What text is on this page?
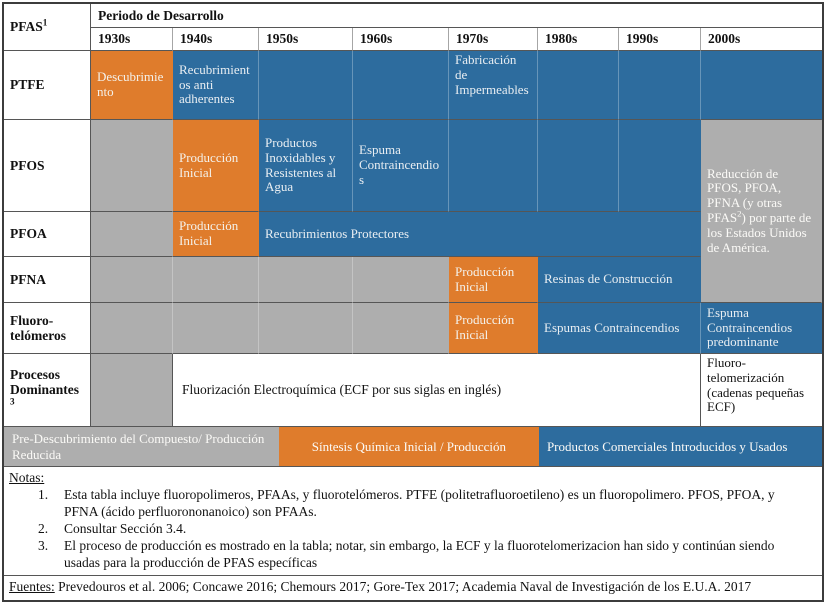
PFAS$^1$	Periodo de Desarrollo							
	1930s	1940s	1950s	1960s	1970s	1980s	1990s	2000s
PTFE	Descubrimiento	Recubrimientos anti adherentes			Fabricación de Impermeables			
PFOS		Producción Inicial	Productos Inoxidables y Resistentes al Agua	Espuma Contraincendios				Reducción de PFOS, PFOA, PFNA (y otras PFAS$^2$) por parte de los Estados Unidos de América.
PFOA		Producción Inicial	Recubrimientos Protectores					
PFNA					Producción Inicial	Resinas de Construcción		
Fluoro-telómeros					Producción Inicial	Espumas Contraincendios		Espuma Contraincendios predominante
Procesos Dominantes$^3$		Fluorización Electroquímica (ECF por sus siglas en inglés)						Fluoro-telomerización (cadenas pequeñas ECF)
Pre-Descubrimiento del Compuesto/ Producción Reducida
Síntesis Química Inicial / Producción	Productos Comerciales Introducidos y Usados
Notas:
1.	Esta tabla incluye fluoropolimeros, PFAAs, y fluorotelómeros. PTFE (politetrafluoroetileno) es un fluoropolimero. PFOS, PFOA, y PFNA (ácido perfluorononanoico) son PFAAs.
2.	Consultar Sección 3.4.
3.	El proceso de producción es mostrado en la tabla; notar, sin embargo, la ECF y la fluorotelomerizacion han sido y continúan siendo usadas para la producción de PFAS específicas
Fuentes: Prevedouros et al. 2006; Concawe 2016; Chemours 2017; Gore-Tex 2017; Academia Naval de Investigación de los E.U.A. 2017
